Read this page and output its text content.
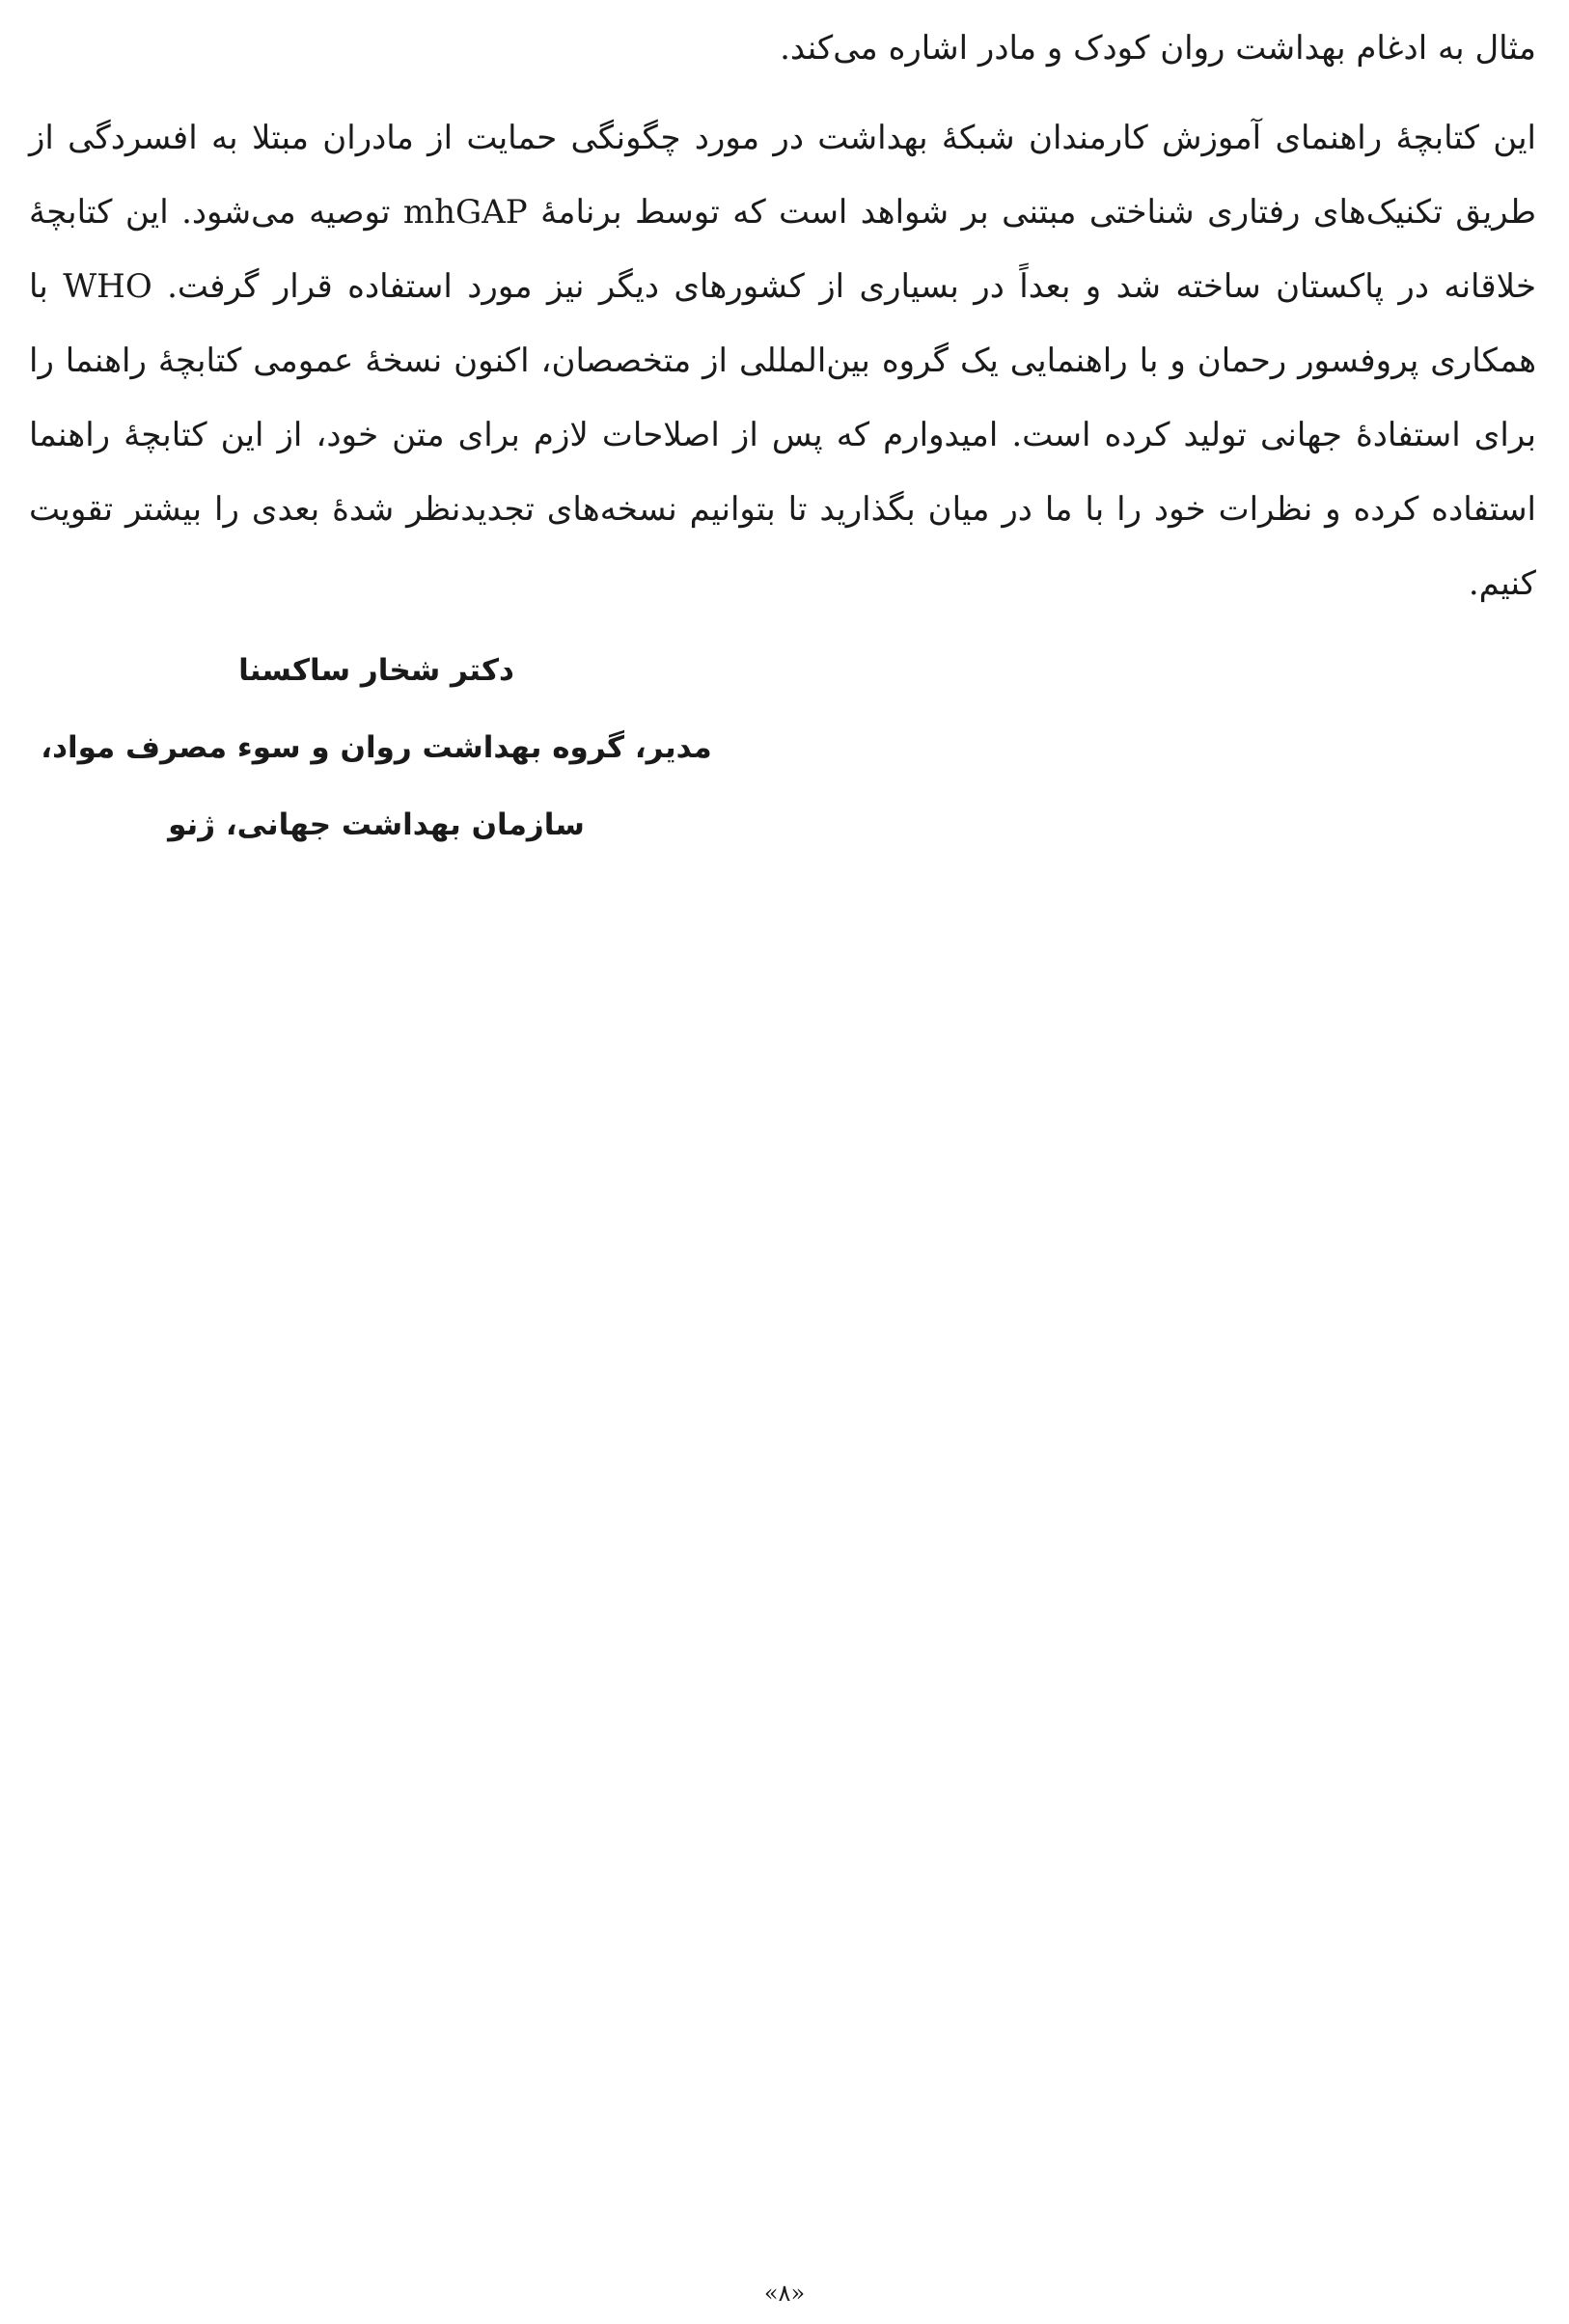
مثال به ادغام بهداشت روان کودک و مادر اشاره می‌کند.

این کتابچهٔ راهنمای آموزش کارمندان شبکهٔ بهداشت در مورد چگونگی حمایت از مادران مبتلا به افسردگی از طریق تکنیک‌های رفتاری شناختی مبتنی بر شواهد است که توسط برنامهٔ mhGAP توصیه می‌شود. این کتابچهٔ خلاقانه در پاکستان ساخته شد و بعداً در بسیاری از کشورهای دیگر نیز مورد استفاده قرار گرفت. WHO با همکاری پروفسور رحمان و با راهنمایی یک گروه بین‌المللی از متخصصان، اکنون نسخهٔ عمومی کتابچهٔ راهنما را برای استفادهٔ جهانی تولید کرده است. امیدوارم که پس از اصلاحات لازم برای متن خود، از این کتابچهٔ راهنما استفاده کرده و نظرات خود را با ما در میان بگذارید تا بتوانیم نسخه‌های تجدیدنظر شدهٔ بعدی را بیشتر تقویت کنیم.

دکتر شخار ساکسنا
مدیر، گروه بهداشت روان و سوء مصرف مواد،
سازمان بهداشت جهانی، ژنو
«۸»
